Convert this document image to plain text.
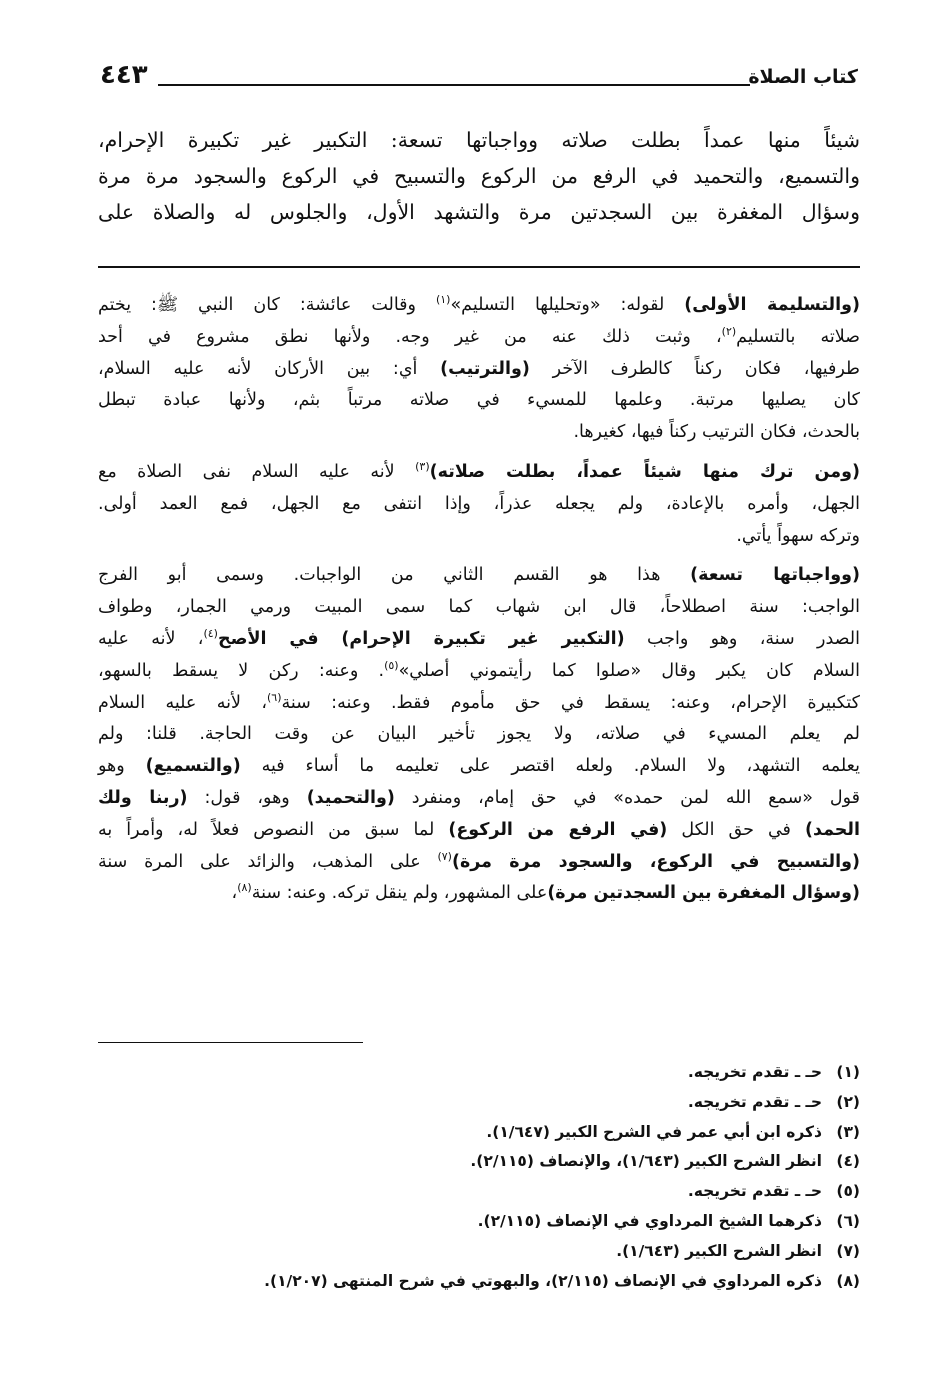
كتاب الصلاة
٤٤٣

شيئاً منها عمداً بطلت صلاته وواجباتها تسعة: التكبير غير تكبيرة الإحرام،

والتسميع، والتحميد في الرفع من الركوع والتسبيح في الركوع والسجود مرة مرة

وسؤال المغفرة بين السجدتين مرة والتشهد الأول، والجلوس له والصلاة على

(والتسليمة الأولى) لقوله: «وتحليلها التسليم»$^{(١)}$ وقالت عائشة: كان النبي ﷺ: يختم
صلاته بالتسليم$^{(٢)}$، وثبت ذلك عنه من غير وجه. ولأنها نطق مشروع في أحد
طرفيها، فكان ركناً كالطرف الآخر (والترتيب) أي: بين الأركان لأنه عليه السلام،
كان يصليها مرتبة. وعلمها للمسيء في صلاته مرتباً بثم، ولأنها عبادة تبطل
بالحدث، فكان الترتيب ركناً فيها، كغيرها.

(ومن ترك منها شيئاً عمداً، بطلت صلاته)$^{(٣)}$ لأنه عليه السلام نفى الصلاة مع
الجهل، وأمره بالإعادة، ولم يجعله عذراً، وإذا انتفى مع الجهل، فمع العمد أولى.
وتركه سهواً يأتي.

(وواجباتها تسعة) هذا هو القسم الثاني من الواجبات. وسمى أبو الفرج
الواجب: سنة اصطلاحاً، قال ابن شهاب كما سمى المبيت ورمي الجمار، وطواف
الصدر سنة، وهو واجب (التكبير غير تكبيرة الإحرام) في الأصح$^{(٤)}$، لأنه عليه
السلام كان يكبر وقال «صلوا كما رأيتموني أصلي»$^{(٥)}$. وعنه: ركن لا يسقط بالسهو،
كتكبيرة الإحرام، وعنه: يسقط في حق مأموم فقط. وعنه: سنة$^{(٦)}$، لأنه عليه السلام
لم يعلم المسيء في صلاته، ولا يجوز تأخير البيان عن وقت الحاجة. قلنا: ولم
يعلمه التشهد، ولا السلام. ولعله اقتصر على تعليمه ما أساء فيه (والتسميع) وهو
قول «سمع الله لمن حمده» في حق إمام، ومنفرد (والتحميد) وهو، قول: (ربنا ولك
الحمد) في حق الكل (في الرفع من الركوع) لما سبق من النصوص فعلاً له، وأمراً به
(والتسبيح في الركوع، والسجود مرة مرة)$^{(٧)}$ على المذهب، والزائد على المرة سنة
(وسؤال المغفرة بين السجدتين مرة)على المشهور، ولم ينقل تركه. وعنه: سنة$^{(٨)}$،

(١)
حـ ـ تقدم تخريجه.
(٢)
حـ ـ تقدم تخريجه.
(٣)
ذكره ابن أبي عمر في الشرح الكبير (١/٦٤٧).
(٤)
انظر الشرح الكبير (١/٦٤٣)، والإنصاف (٢/١١٥).
(٥)
حـ ـ تقدم تخريجه.
(٦)
ذكرهما الشيخ المرداوي في الإنصاف (٢/١١٥).
(٧)
انظر الشرح الكبير (١/٦٤٣).
(٨)
ذكره المرداوي في الإنصاف (٢/١١٥)، والبهوتي في شرح المنتهى (١/٢٠٧).
